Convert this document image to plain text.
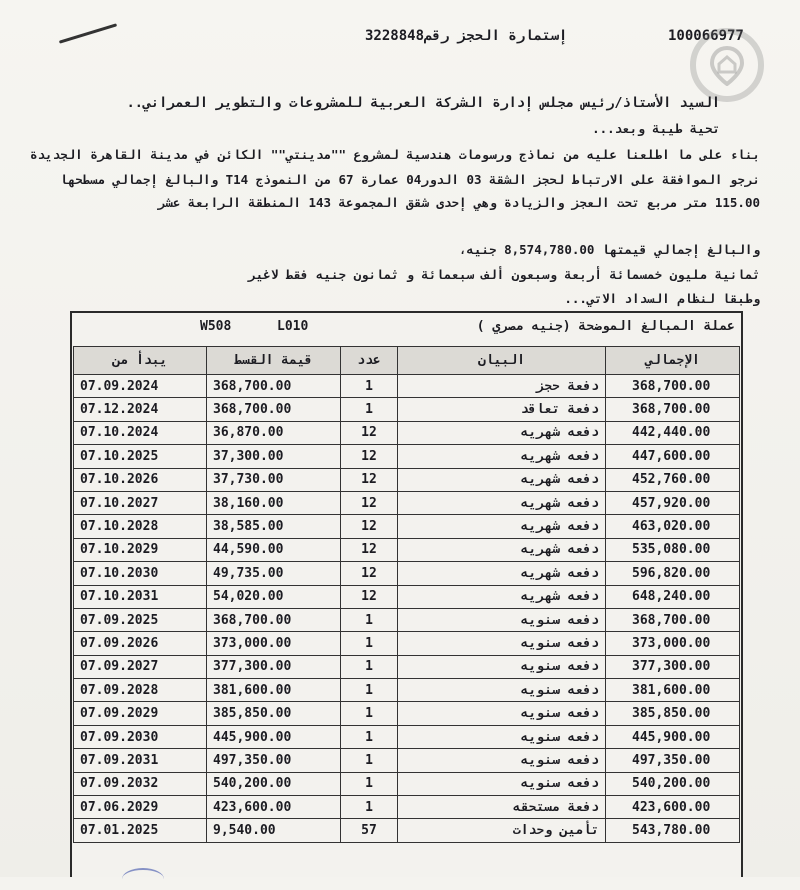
إستمارة الحجز رقم3228848	100066977
السيد الأستاذ/رئيس مجلس إدارة الشركة العربية للمشروعات والتطوير العمراني..
تحية طيبة وبعد...
بناء على ما اطلعنا عليه من نماذج ورسومات هندسية لمشروع ""مدينتي"" الكائن في مدينة القاهرة الجديدة
نرجو الموافقة على الارتباط لحجز الشقة 03 الدور04 عمارة 67 من النموذج T14 والبالغ إجمالي مسطحها
115.00 متر مربع تحت العجز والزيادة وهي إحدى شقق المجموعة 143 المنطقة الرابعة عشر
والبالغ إجمالي قيمتها 8,574,780.00 جنيه،
ثمانية مليون خمسمائة أربعة وسبعون ألف سبعمائة و ثمانون جنيه فقط لاغير
وطبقا لنظام السداد الاتي...
عملة المبالغ الموضحة (جنيه مصري )
W508	L010
يبدأ من	قيمة القسط	عدد	البيان	الإجمالي
07.09.2024	368,700.00	1	دفعة حجز	368,700.00
07.12.2024	368,700.00	1	دفعة تعاقد	368,700.00
07.10.2024	36,870.00	12	دفعه شهريه	442,440.00
07.10.2025	37,300.00	12	دفعه شهريه	447,600.00
07.10.2026	37,730.00	12	دفعه شهريه	452,760.00
07.10.2027	38,160.00	12	دفعه شهريه	457,920.00
07.10.2028	38,585.00	12	دفعه شهريه	463,020.00
07.10.2029	44,590.00	12	دفعه شهريه	535,080.00
07.10.2030	49,735.00	12	دفعه شهريه	596,820.00
07.10.2031	54,020.00	12	دفعه شهريه	648,240.00
07.09.2025	368,700.00	1	دفعه سنويه	368,700.00
07.09.2026	373,000.00	1	دفعه سنويه	373,000.00
07.09.2027	377,300.00	1	دفعه سنويه	377,300.00
07.09.2028	381,600.00	1	دفعه سنويه	381,600.00
07.09.2029	385,850.00	1	دفعه سنويه	385,850.00
07.09.2030	445,900.00	1	دفعه سنويه	445,900.00
07.09.2031	497,350.00	1	دفعه سنويه	497,350.00
07.09.2032	540,200.00	1	دفعه سنويه	540,200.00
07.06.2029	423,600.00	1	دفعة مستحقه	423,600.00
07.01.2025	9,540.00	57	تأمين وحدات	543,780.00
